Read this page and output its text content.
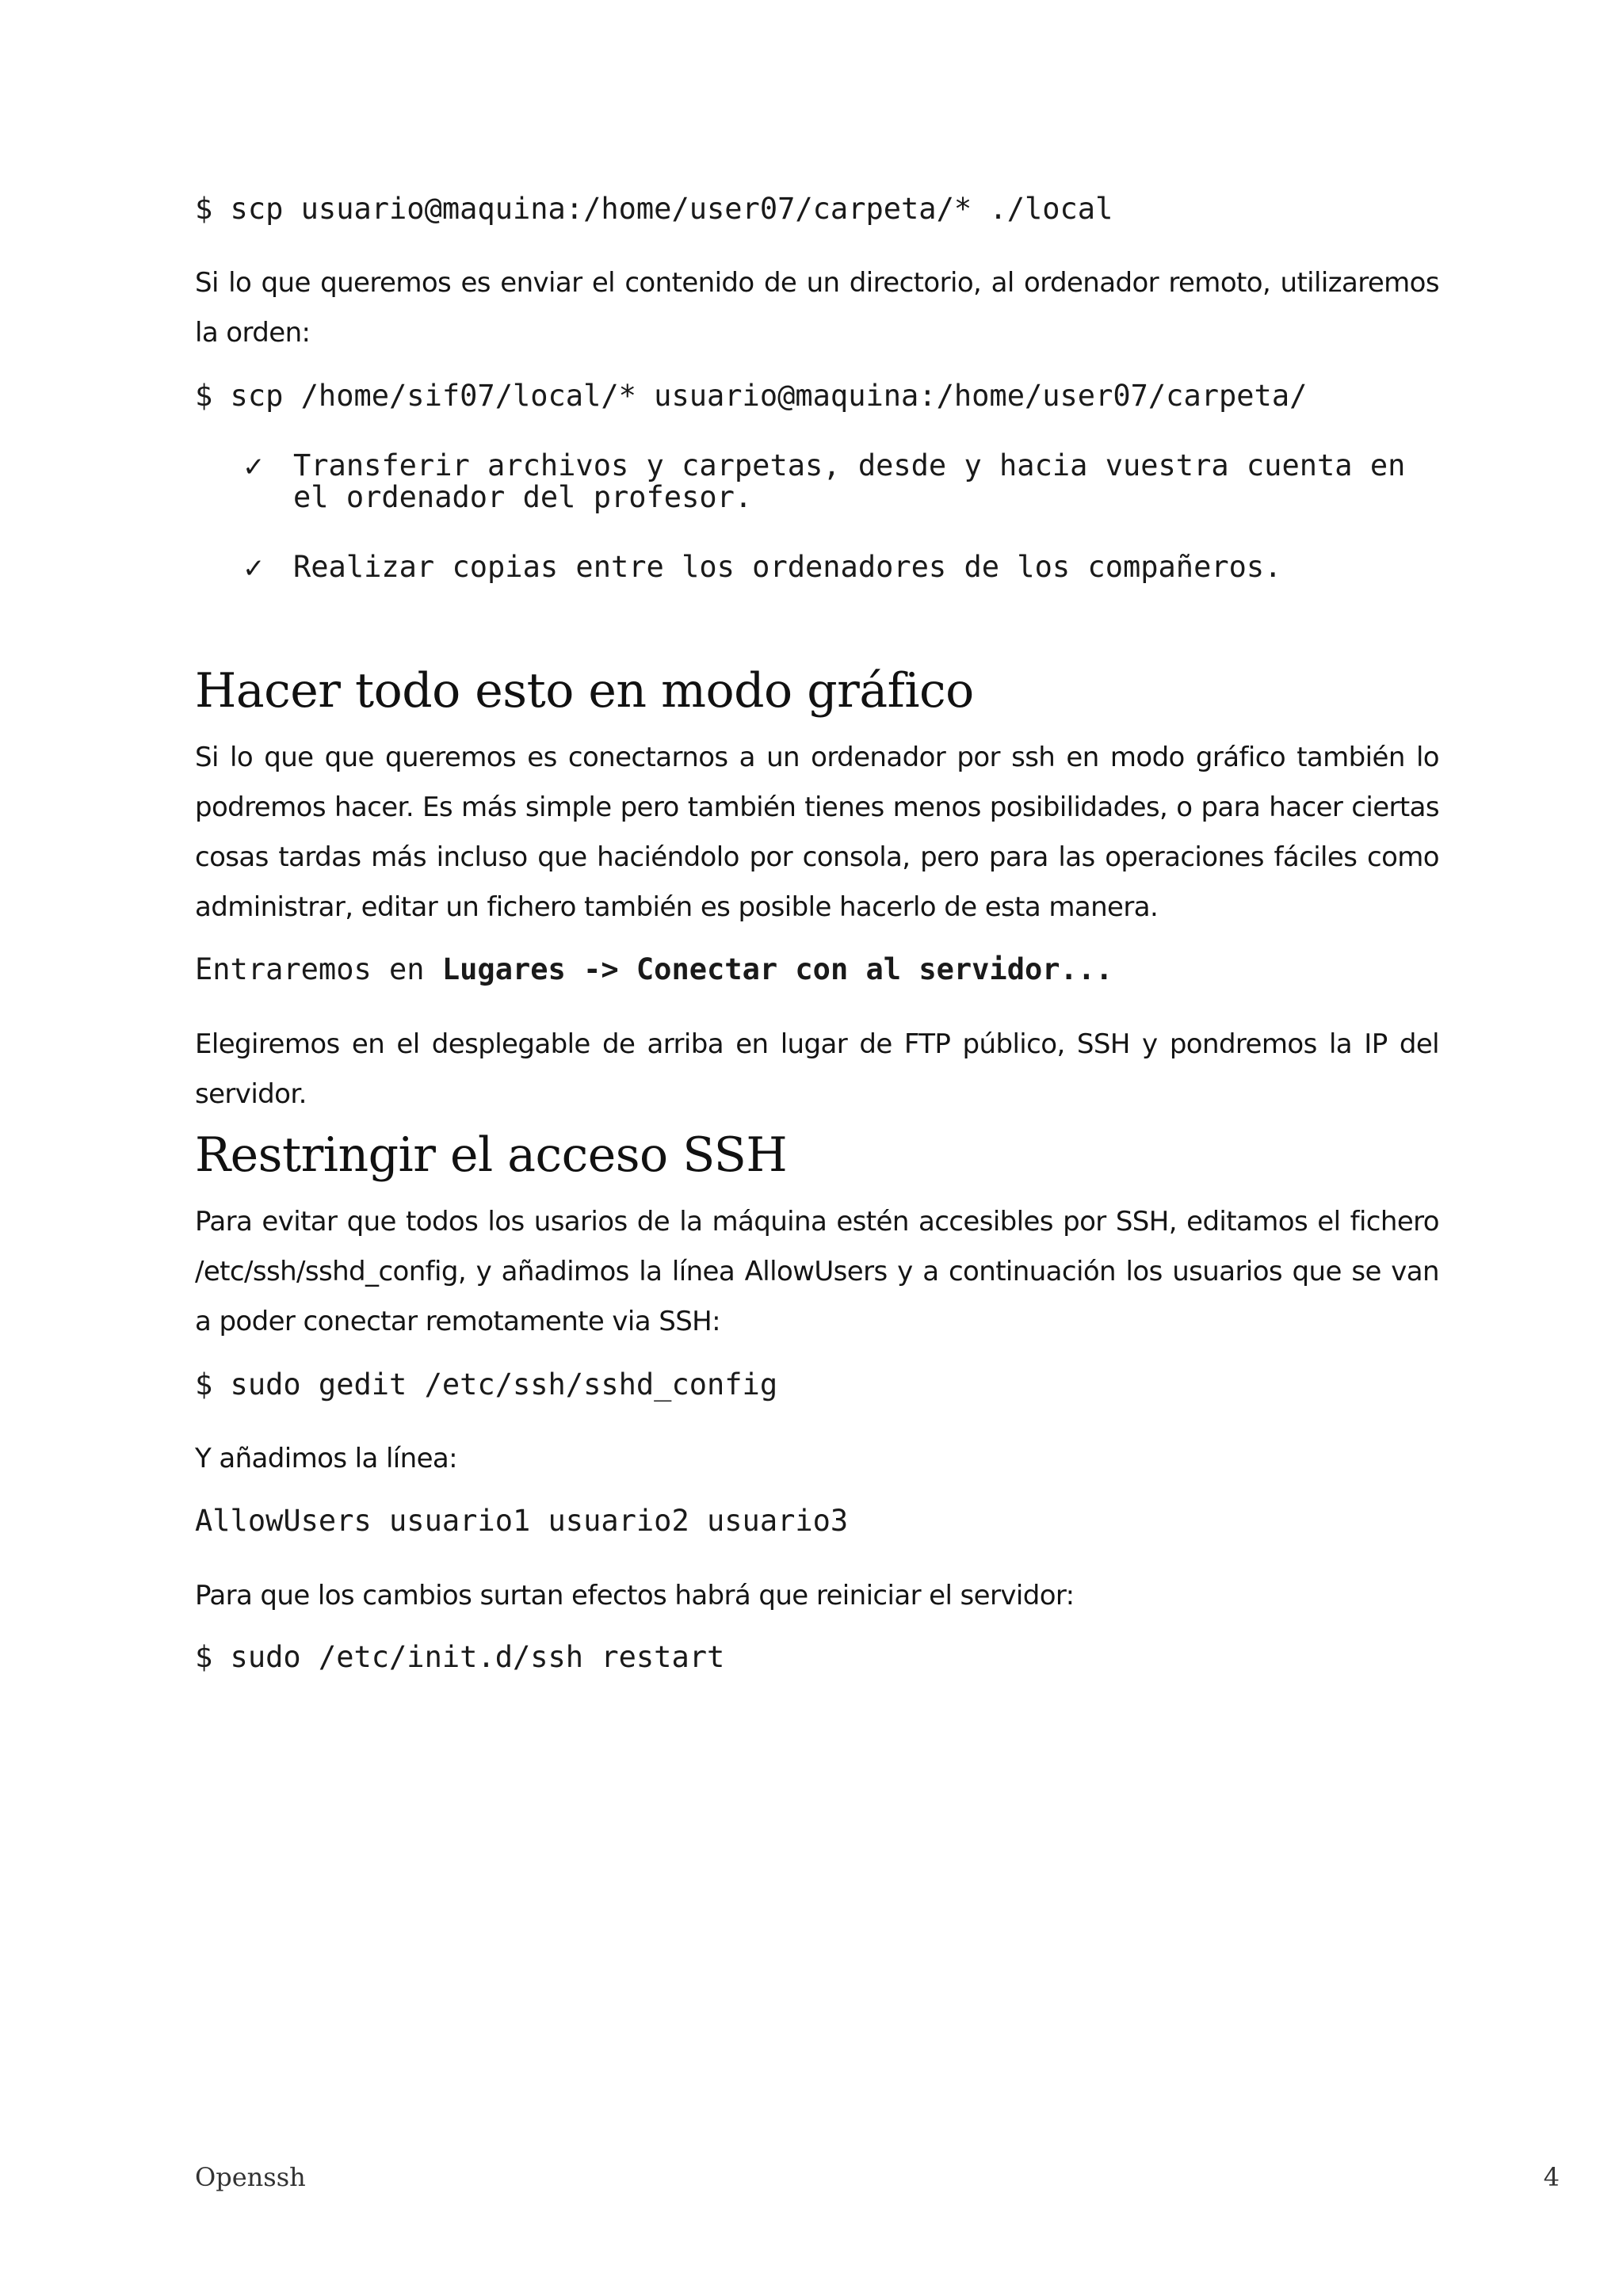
$ scp usuario@maquina:/home/user07/carpeta/* ./local

Si lo que queremos es enviar el contenido de un directorio, al ordenador remoto, utilizaremos la orden:

$ scp /home/sif07/local/* usuario@maquina:/home/user07/carpeta/

✓ Transferir archivos y carpetas, desde y hacia vuestra cuenta en el ordenador del profesor.
✓ Realizar copias entre los ordenadores de los compañeros.
Hacer todo esto en modo gráfico

Si lo que que queremos es conectarnos a un ordenador por ssh en modo gráfico también lo podremos hacer. Es más simple pero también tienes menos posibilidades, o para hacer ciertas cosas tardas más incluso que haciéndolo por consola, pero para las operaciones fáciles como administrar, editar un fichero también es posible hacerlo de esta manera.

Entraremos en Lugares -> Conectar con al servidor...

Elegiremos en el desplegable de arriba en lugar de FTP público, SSH y pondremos la IP del servidor.

Restringir el acceso SSH

Para evitar que todos los usarios de la máquina estén accesibles por SSH, editamos el fichero /etc/ssh/sshd_config, y añadimos la línea AllowUsers y a continuación los usuarios que se van a poder conectar remotamente via SSH:

$ sudo gedit /etc/ssh/sshd_config

Y añadimos la línea:

AllowUsers usuario1 usuario2 usuario3

Para que los cambios surtan efectos habrá que reiniciar el servidor:

$ sudo /etc/init.d/ssh restart

Openssh	4
